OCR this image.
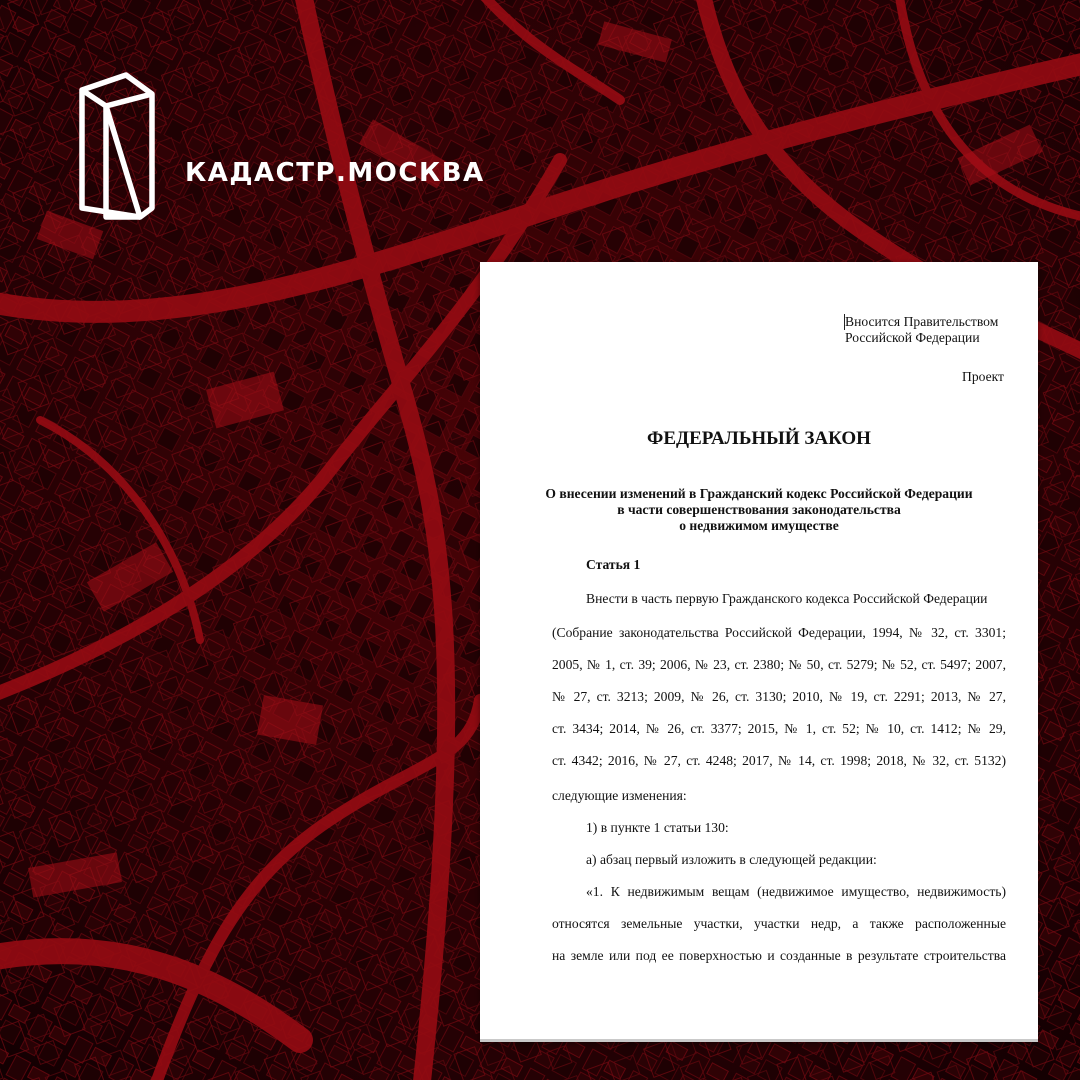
КАДАСТР.МОСКВА
Вносится Правительством
Российской Федерации
Проект
ФЕДЕРАЛЬНЫЙ ЗАКОН
О внесении изменений в Гражданский кодекс Российской Федерации
в части совершенствования законодательства
о недвижимом имуществе
Статья 1
Внести в часть первую Гражданского кодекса Российской Федерации
(Собрание законодательства Российской Федерации, 1994, № 32, ст. 3301;
2005, № 1, ст. 39; 2006, № 23, ст. 2380; № 50, ст. 5279; № 52, ст. 5497; 2007,
№ 27, ст. 3213; 2009, № 26, ст. 3130; 2010, № 19, ст. 2291; 2013, № 27,
ст. 3434; 2014, № 26, ст. 3377; 2015, № 1, ст. 52; № 10, ст. 1412; № 29,
ст. 4342; 2016, № 27, ст. 4248; 2017, № 14, ст. 1998; 2018, № 32, ст. 5132)
следующие изменения:
1) в пункте 1 статьи 130:
а) абзац первый изложить в следующей редакции:
«1. К недвижимым вещам (недвижимое имущество, недвижимость)
относятся земельные участки, участки недр, а также расположенные
на земле или под ее поверхностью и созданные в результате строительства
